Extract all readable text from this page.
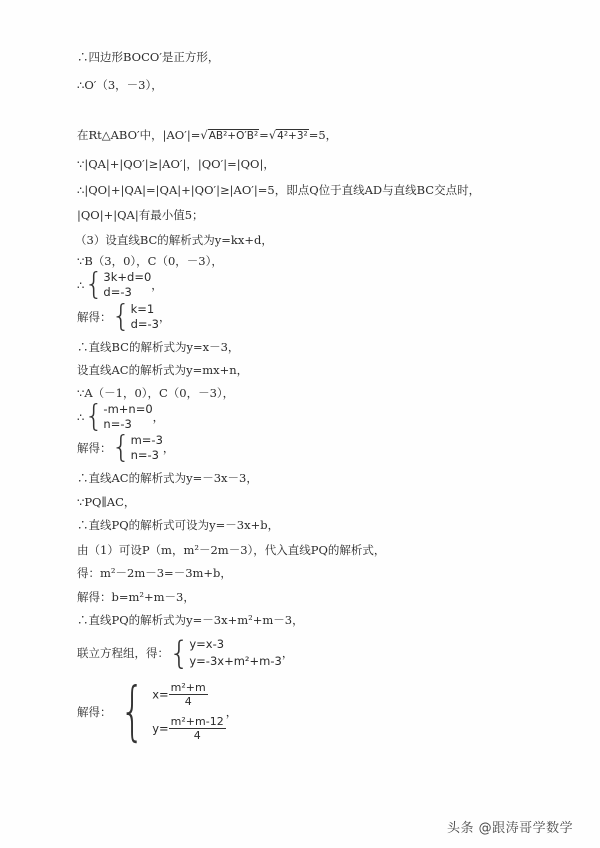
∴四边形BOCO′是正方形，
∴O′（3，－3），
在Rt△ABO′中，|AO′|=√AB²+O′B²=√4²+3²=5，
∵|QA|+|QO′|≥|AO′|，|QO′|=|QO|，
∴|QO|+|QA|=|QA|+|QO′|≥|AO′|=5，即点Q位于直线AD与直线BC交点时，
|QO|+|QA|有最小值5；
（3）设直线BC的解析式为y=kx+d，
∵B（3，0），C（0，－3），
∴ { 3k+d=0
d=-3	，
解得： { k=1
d=-3 ，
∴直线BC的解析式为y=x－3，
设直线AC的解析式为y=mx+n，
∵A（－1，0），C（0，－3），
∴ { -m+n=0
n=-3	，
解得： { m=-3
n=-3 ，
∴直线AC的解析式为y=－3x－3，
∵PQ∥AC，
∴直线PQ的解析式可设为y=－3x+b，
由（1）可设P（m，m²－2m－3），代入直线PQ的解析式，
得：m²－2m－3=－3m+b，
解得：b=m²+m－3，
∴直线PQ的解析式为y=－3x+m²+m－3，
联立方程组，得： { y=x-3
y=-3x+m²+m-3
，
解得： { $x= \frac{\text{m²+m}}{4}$
$y= \frac{\text{m²+m-12}}{4}$
，
头条 @跟涛哥学数学
